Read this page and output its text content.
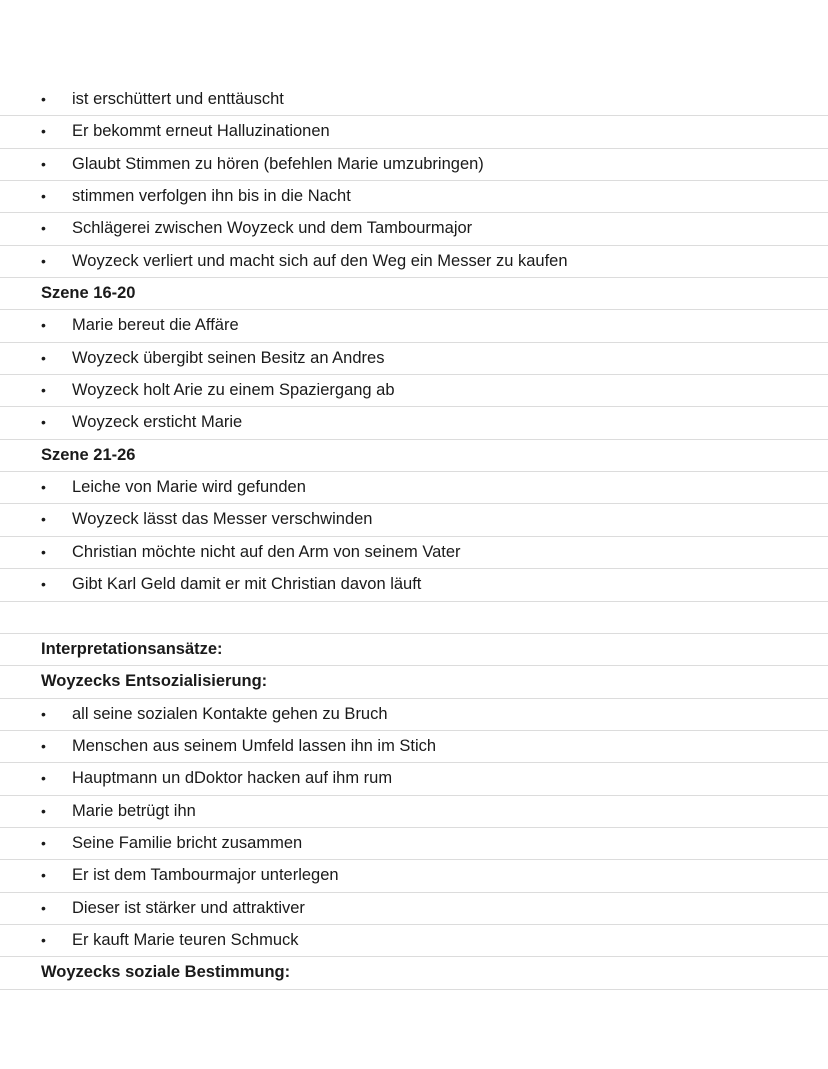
• ist erschüttert und enttäuscht
• Er bekommt erneut Halluzinationen
• Glaubt Stimmen zu hören (befehlen Marie umzubringen)
• stimmen verfolgen ihn bis in die Nacht
• Schlägerei zwischen Woyzeck und dem Tambourmajor
• Woyzeck verliert und macht sich auf den Weg ein Messer zu kaufen
Szene 16-20
• Marie bereut die Affäre
• Woyzeck übergibt seinen Besitz an Andres
• Woyzeck holt Arie zu einem Spaziergang ab
• Woyzeck ersticht Marie
Szene 21-26
• Leiche von Marie wird gefunden
• Woyzeck lässt das Messer verschwinden
• Christian möchte nicht auf den Arm von seinem Vater
• Gibt Karl Geld damit er mit Christian davon läuft
Interpretationsansätze:
Woyzecks Entsozialisierung:
• all seine sozialen Kontakte gehen zu Bruch
• Menschen aus seinem Umfeld lassen ihn im Stich
• Hauptmann un dDoktor hacken auf ihm rum
• Marie betrügt ihn
• Seine Familie bricht zusammen
• Er ist dem Tambourmajor unterlegen
• Dieser ist stärker und attraktiver
• Er kauft Marie teuren Schmuck
Woyzecks soziale Bestimmung:
